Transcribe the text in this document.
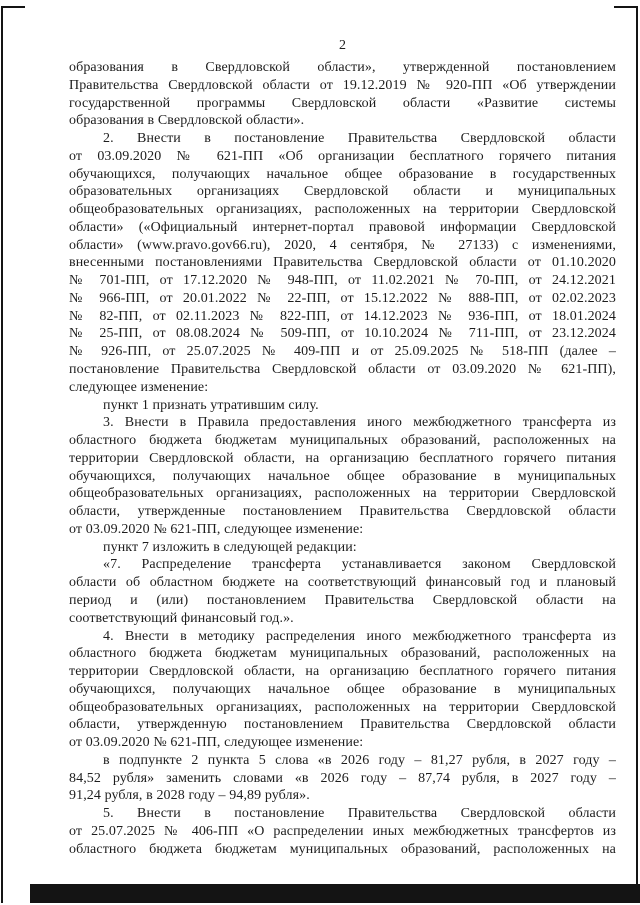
2
образования в Свердловской области», утвержденной постановлением
Правительства Свердловской области от 19.12.2019 № 920-ПП «Об утверждении
государственной программы Свердловской области «Развитие системы
образования в Свердловской области».
2. Внести в постановление Правительства Свердловской области
от 03.09.2020 № 621-ПП «Об организации бесплатного горячего питания
обучающихся, получающих начальное общее образование в государственных
образовательных организациях Свердловской области и муниципальных
общеобразовательных организациях, расположенных на территории Свердловской
области» («Официальный интернет-портал правовой информации Свердловской
области» (www.pravo.gov66.ru), 2020, 4 сентября, № 27133) с изменениями,
внесенными постановлениями Правительства Свердловской области от 01.10.2020
№ 701-ПП, от 17.12.2020 № 948-ПП, от 11.02.2021 № 70-ПП, от 24.12.2021
№ 966-ПП, от 20.01.2022 № 22-ПП, от 15.12.2022 № 888-ПП, от 02.02.2023
№ 82-ПП, от 02.11.2023 № 822-ПП, от 14.12.2023 № 936-ПП, от 18.01.2024
№ 25-ПП, от 08.08.2024 № 509-ПП, от 10.10.2024 № 711-ПП, от 23.12.2024
№ 926-ПП, от 25.07.2025 № 409-ПП и от 25.09.2025 № 518-ПП (далее –
постановление Правительства Свердловской области от 03.09.2020 № 621-ПП),
следующее изменение:
пункт 1 признать утратившим силу.
3. Внести в Правила предоставления иного межбюджетного трансферта из
областного бюджета бюджетам муниципальных образований, расположенных на
территории Свердловской области, на организацию бесплатного горячего питания
обучающихся, получающих начальное общее образование в муниципальных
общеобразовательных организациях, расположенных на территории Свердловской
области, утвержденные постановлением Правительства Свердловской области
от 03.09.2020 № 621-ПП, следующее изменение:
пункт 7 изложить в следующей редакции:
«7. Распределение трансферта устанавливается законом Свердловской
области об областном бюджете на соответствующий финансовый год и плановый
период и (или) постановлением Правительства Свердловской области на
соответствующий финансовый год.».
4. Внести в методику распределения иного межбюджетного трансферта из
областного бюджета бюджетам муниципальных образований, расположенных на
территории Свердловской области, на организацию бесплатного горячего питания
обучающихся, получающих начальное общее образование в муниципальных
общеобразовательных организациях, расположенных на территории Свердловской
области, утвержденную постановлением Правительства Свердловской области
от 03.09.2020 № 621-ПП, следующее изменение:
в подпункте 2 пункта 5 слова «в 2026 году – 81,27 рубля, в 2027 году –
84,52 рубля» заменить словами «в 2026 году – 87,74 рубля, в 2027 году –
91,24 рубля, в 2028 году – 94,89 рубля».
5. Внести в постановление Правительства Свердловской области
от 25.07.2025 № 406-ПП «О распределении иных межбюджетных трансфертов из
областного бюджета бюджетам муниципальных образований, расположенных на
